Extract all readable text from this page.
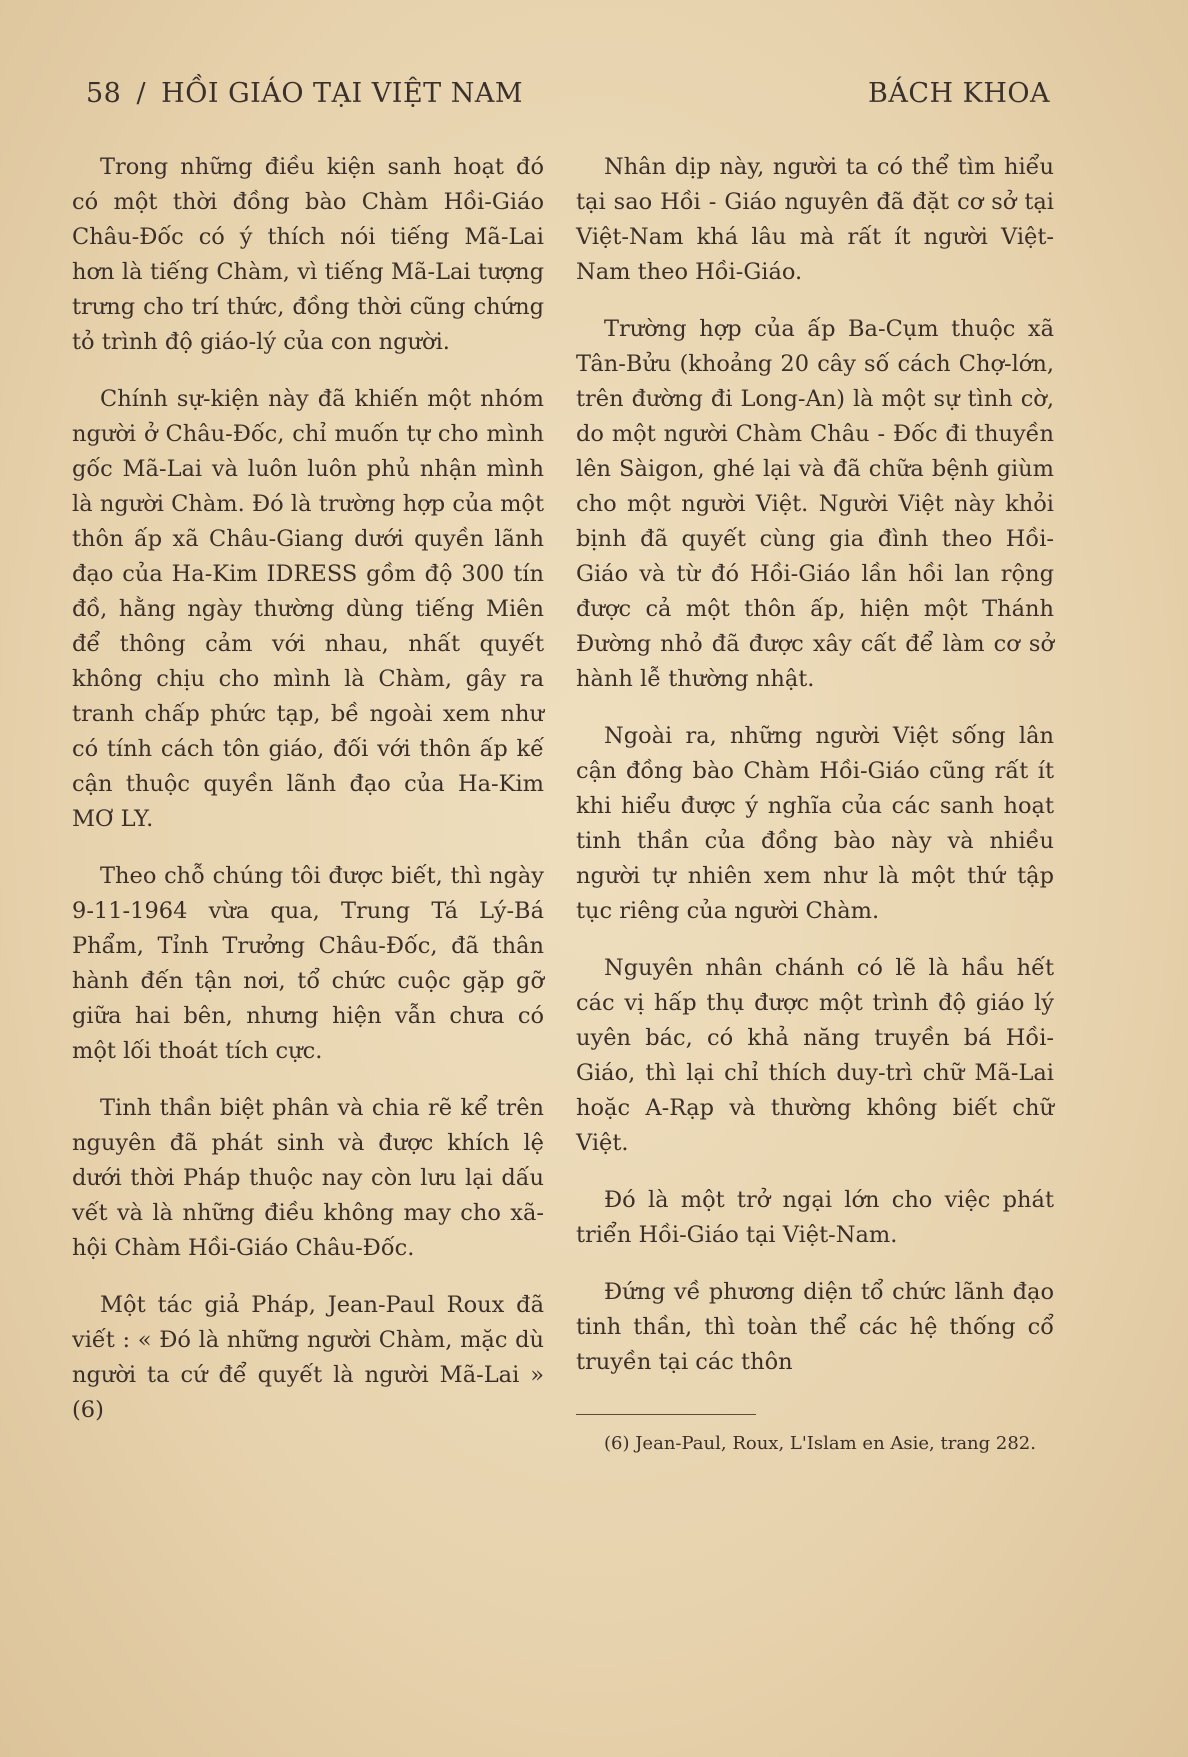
58 / HỒI GIÁO TẠI VIỆT NAM	BÁCH KHOA

Trong những điều kiện sanh hoạt đó có một thời đồng bào Chàm Hồi-Giáo Châu-Đốc có ý thích nói tiếng Mã-Lai hơn là tiếng Chàm, vì tiếng Mã-Lai tượng trưng cho trí thức, đồng thời cũng chứng tỏ trình độ giáo-lý của con người.

Chính sự-kiện này đã khiến một nhóm người ở Châu-Đốc, chỉ muốn tự cho mình gốc Mã-Lai và luôn luôn phủ nhận mình là người Chàm. Đó là trường hợp của một thôn ấp xã Châu-Giang dưới quyền lãnh đạo của Ha-Kim IDRESS gồm độ 300 tín đồ, hằng ngày thường dùng tiếng Miên để thông cảm với nhau, nhất quyết không chịu cho mình là Chàm, gây ra tranh chấp phức tạp, bề ngoài xem như có tính cách tôn giáo, đối với thôn ấp kế cận thuộc quyền lãnh đạo của Ha-Kim MƠ LY.

Theo chỗ chúng tôi được biết, thì ngày 9-11-1964 vừa qua, Trung Tá Lý-Bá Phẩm, Tỉnh Trưởng Châu-Đốc, đã thân hành đến tận nơi, tổ chức cuộc gặp gỡ giữa hai bên, nhưng hiện vẫn chưa có một lối thoát tích cực.

Tinh thần biệt phân và chia rẽ kể trên nguyên đã phát sinh và được khích lệ dưới thời Pháp thuộc nay còn lưu lại dấu vết và là những điều không may cho xã-hội Chàm Hồi-Giáo Châu-Đốc.

Một tác giả Pháp, Jean-Paul Roux đã viết : « Đó là những người Chàm, mặc dù người ta cứ để quyết là người Mã-Lai » (6)

Nhân dịp này, người ta có thể tìm hiểu tại sao Hồi - Giáo nguyên đã đặt cơ sở tại Việt-Nam khá lâu mà rất ít người Việt-Nam theo Hồi-Giáo.

Trường hợp của ấp Ba-Cụm thuộc xã Tân-Bửu (khoảng 20 cây số cách Chợ-lớn, trên đường đi Long-An) là một sự tình cờ, do một người Chàm Châu - Đốc đi thuyền lên Sàigon, ghé lại và đã chữa bệnh giùm cho một người Việt. Người Việt này khỏi bịnh đã quyết cùng gia đình theo Hồi-Giáo và từ đó Hồi-Giáo lần hồi lan rộng được cả một thôn ấp, hiện một Thánh Đường nhỏ đã được xây cất để làm cơ sở hành lễ thường nhật.

Ngoài ra, những người Việt sống lân cận đồng bào Chàm Hồi-Giáo cũng rất ít khi hiểu được ý nghĩa của các sanh hoạt tinh thần của đồng bào này và nhiều người tự nhiên xem như là một thứ tập tục riêng của người Chàm.

Nguyên nhân chánh có lẽ là hầu hết các vị hấp thụ được một trình độ giáo lý uyên bác, có khả năng truyền bá Hồi-Giáo, thì lại chỉ thích duy-trì chữ Mã-Lai hoặc A-Rạp và thường không biết chữ Việt.

Đó là một trở ngại lớn cho việc phát triển Hồi-Giáo tại Việt-Nam.

Đứng về phương diện tổ chức lãnh đạo tinh thần, thì toàn thể các hệ thống cổ truyền tại các thôn

(6) Jean-Paul, Roux, L'Islam en Asie, trang 282.
